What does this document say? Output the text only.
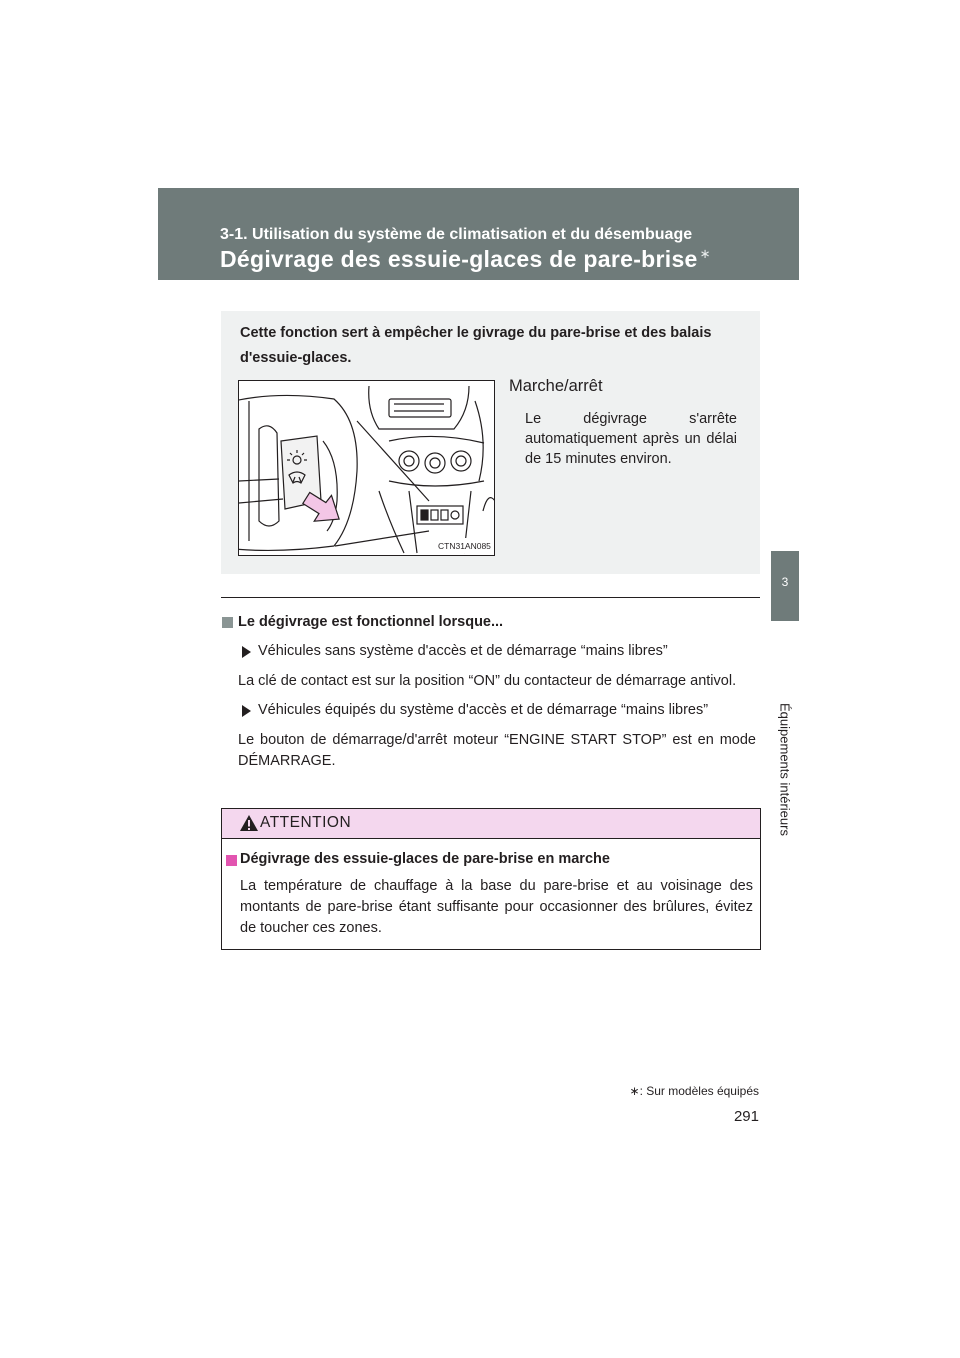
3-1. Utilisation du système de climatisation et du désembuage
Dégivrage des essuie-glaces de pare-brise ∗
3
Équipements intérieurs
Cette fonction sert à empêcher le givrage du pare-brise et des balais d'essuie-glaces.
CTN31AN085
Marche/arrêt

Le dégivrage s'arrête automatiquement après un délai de 15 minutes environ.

Le dégivrage est fonctionnel lorsque...
Véhicules sans système d'accès et de démarrage “mains libres”
La clé de contact est sur la position “ON” du contacteur de démarrage antivol.
Véhicules équipés du système d'accès et de démarrage “mains libres”
Le bouton de démarrage/d'arrêt moteur “ENGINE START STOP” est en mode DÉMARRAGE.
ATTENTION
Dégivrage des essuie-glaces de pare-brise en marche
La température de chauffage à la base du pare-brise et au voisinage des montants de pare-brise étant suffisante pour occasionner des brûlures, évitez de toucher ces zones.
∗: Sur modèles équipés
291
